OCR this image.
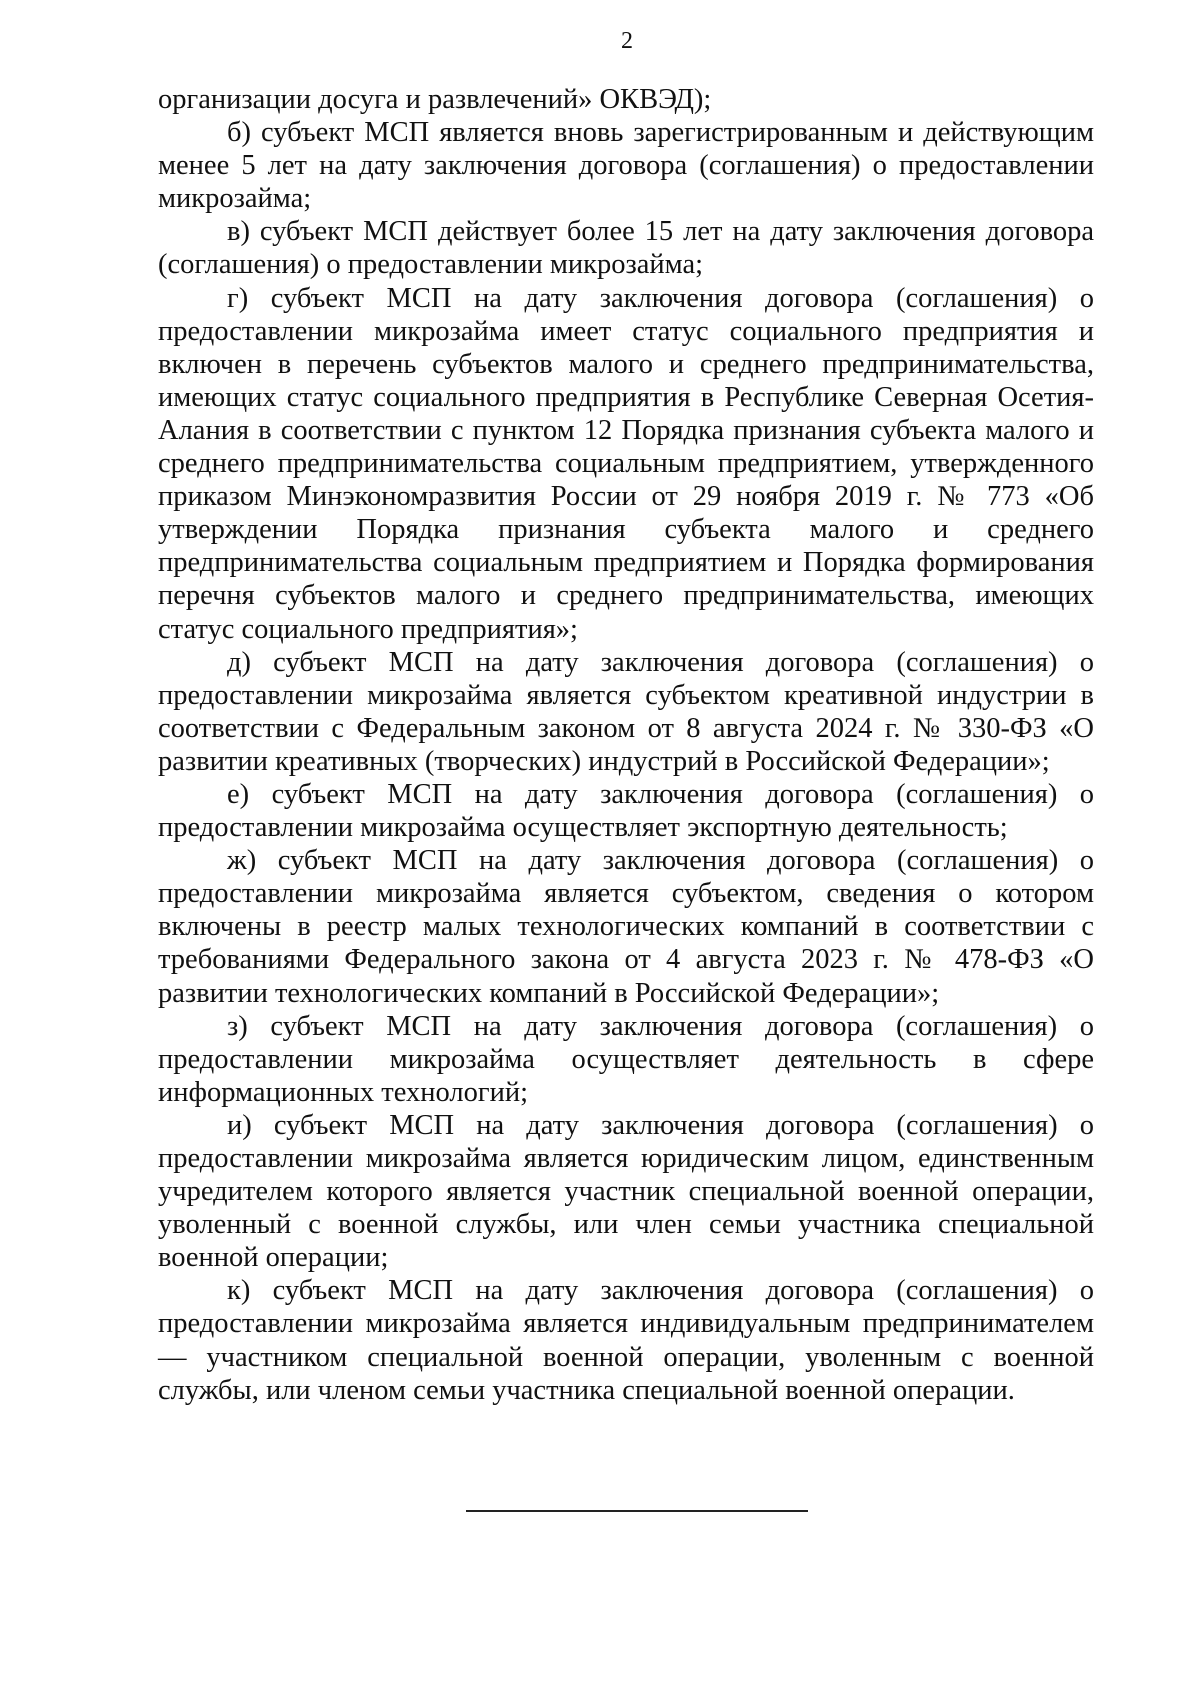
2

организации досуга и развлечений» ОКВЭД);

б) субъект МСП является вновь зарегистрированным и действующим менее 5 лет на дату заключения договора (соглашения) о предоставлении микрозайма;

в) субъект МСП действует более 15 лет на дату заключения договора (соглашения) о предоставлении микрозайма;

г) субъект МСП на дату заключения договора (соглашения) о предоставлении микрозайма имеет статус социального предприятия и включен в перечень субъектов малого и среднего предпринимательства, имеющих статус социального предприятия в Республике Северная Осетия-Алания в соответствии с пунктом 12 Порядка признания субъекта малого и среднего предпринимательства социальным предприятием, утвержденного приказом Минэкономразвития России от 29 ноября 2019 г. № 773 «Об утверждении Порядка признания субъекта малого и среднего предпринимательства социальным предприятием и Порядка формирования перечня субъектов малого и среднего предпринимательства, имеющих статус социального предприятия»;

д) субъект МСП на дату заключения договора (соглашения) о предоставлении микрозайма является субъектом креативной индустрии в соответствии с Федеральным законом от 8 августа 2024 г. № 330-ФЗ «О развитии креативных (творческих) индустрий в Российской Федерации»;

е) субъект МСП на дату заключения договора (соглашения) о предоставлении микрозайма осуществляет экспортную деятельность;

ж) субъект МСП на дату заключения договора (соглашения) о предоставлении микрозайма является субъектом, сведения о котором включены в реестр малых технологических компаний в соответствии с требованиями Федерального закона от 4 августа 2023 г. № 478-ФЗ «О развитии технологических компаний в Российской Федерации»;

з) субъект МСП на дату заключения договора (соглашения) о предоставлении микрозайма осуществляет деятельность в сфере информационных технологий;

и) субъект МСП на дату заключения договора (соглашения) о предоставлении микрозайма является юридическим лицом, единственным учредителем которого является участник специальной военной операции, уволенный с военной службы, или член семьи участника специальной военной операции;

к) субъект МСП на дату заключения договора (соглашения) о предоставлении микрозайма является индивидуальным предпринимателем — участником специальной военной операции, уволенным с военной службы, или членом семьи участника специальной военной операции.
